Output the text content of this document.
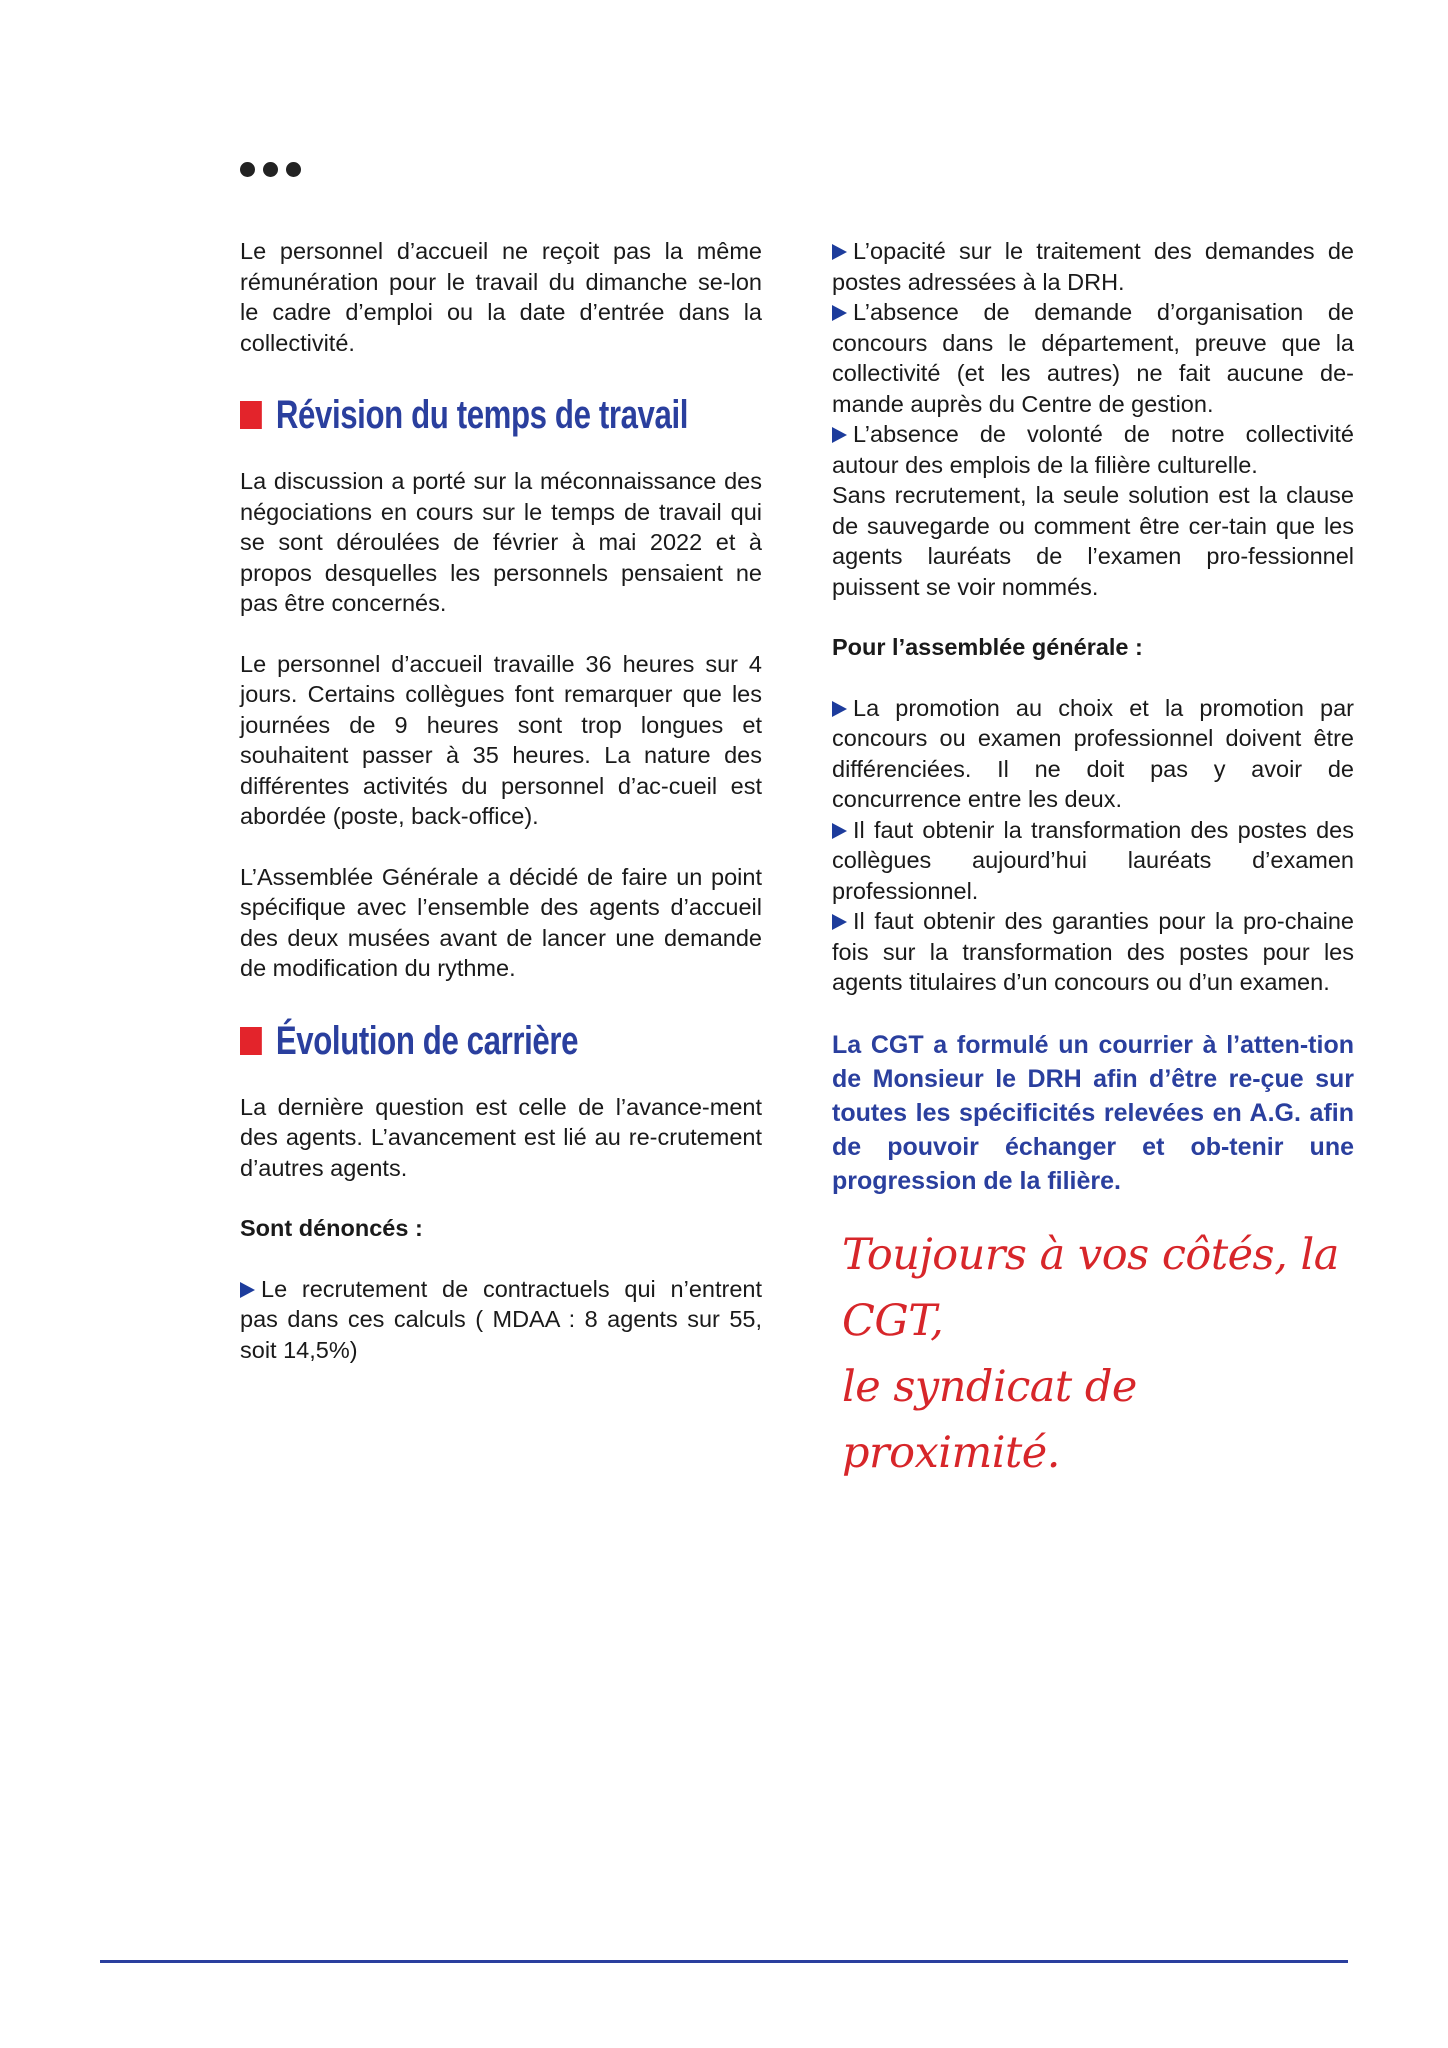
Le personnel d’accueil ne reçoit pas la même rémunération pour le travail du dimanche se-lon le cadre d’emploi ou la date d’entrée dans la collectivité.

Révision du temps de travail

La discussion a porté sur la méconnaissance des négociations en cours sur le temps de travail qui se sont déroulées de février à mai 2022 et à propos desquelles les personnels pensaient ne pas être concernés.

Le personnel d’accueil travaille 36 heures sur 4 jours. Certains collègues font remarquer que les journées de 9 heures sont trop longues et souhaitent passer à 35 heures. La nature des différentes activités du personnel d’ac-cueil est abordée (poste, back-office).

L’Assemblée Générale a décidé de faire un point spécifique avec l’ensemble des agents d’accueil des deux musées avant de lancer une demande de modification du rythme.

Évolution de carrière

La dernière question est celle de l’avance-ment des agents. L’avancement est lié au re-crutement d’autres agents.

Sont dénoncés :

Le recrutement de contractuels qui n’entrent pas dans ces calculs ( MDAA : 8 agents sur 55, soit 14,5%)

L’opacité sur le traitement des demandes de postes adressées à la DRH.

L’absence de demande d’organisation de concours dans le département, preuve que la collectivité (et les autres) ne fait aucune de-mande auprès du Centre de gestion.

L’absence de volonté de notre collectivité autour des emplois de la filière culturelle.

Sans recrutement, la seule solution est la clause de sauvegarde ou comment être cer-tain que les agents lauréats de l’examen pro-fessionnel puissent se voir nommés.

Pour l’assemblée générale :

La promotion au choix et la promotion par concours ou examen professionnel doivent être différenciées. Il ne doit pas y avoir de concurrence entre les deux.

Il faut obtenir la transformation des postes des collègues aujourd’hui lauréats d’examen professionnel.

Il faut obtenir des garanties pour la pro-chaine fois sur la transformation des postes pour les agents titulaires d’un concours ou d’un examen.

La CGT a formulé un courrier à l’atten-tion de Monsieur le DRH afin d’être re-çue sur toutes les spécificités relevées en A.G. afin de pouvoir échanger et ob-tenir une progression de la filière.

Toujours à vos côtés, la CGT,

le syndicat de proximité.
